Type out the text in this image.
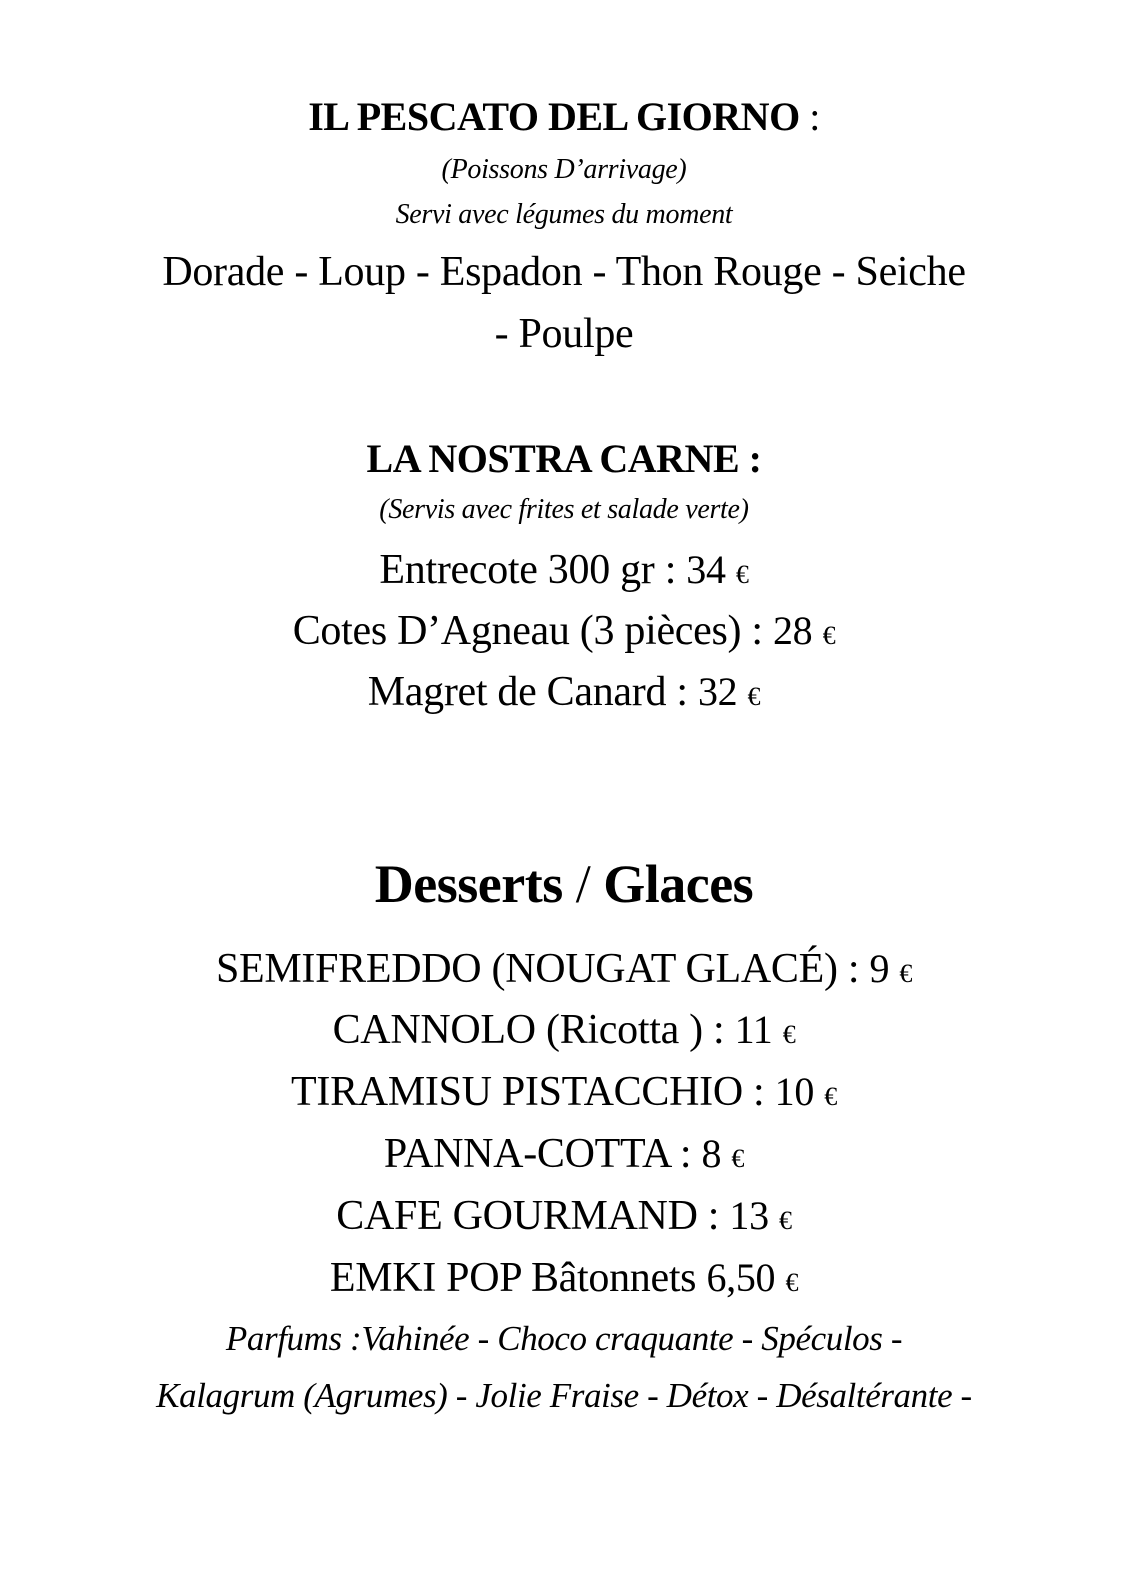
IL PESCATO DEL GIORNO :
(Poissons D’arrivage)
Servi avec légumes du moment
Dorade - Loup - Espadon - Thon Rouge - Seiche
- Poulpe
LA NOSTRA CARNE :
(Servis avec frites et salade verte)
Entrecote 300 gr : 34 €
Cotes D’Agneau (3 pièces) : 28 €
Magret de Canard : 32 €
Desserts / Glaces
SEMIFREDDO (NOUGAT GLACÉ) : 9 €
CANNOLO (Ricotta ) : 11 €
TIRAMISU PISTACCHIO : 10 €
PANNA-COTTA : 8 €
CAFE GOURMAND : 13 €
EMKI POP Bâtonnets 6,50 €
Parfums :Vahinée - Choco craquante - Spéculos -
Kalagrum (Agrumes) - Jolie Fraise - Détox - Désaltérante -
